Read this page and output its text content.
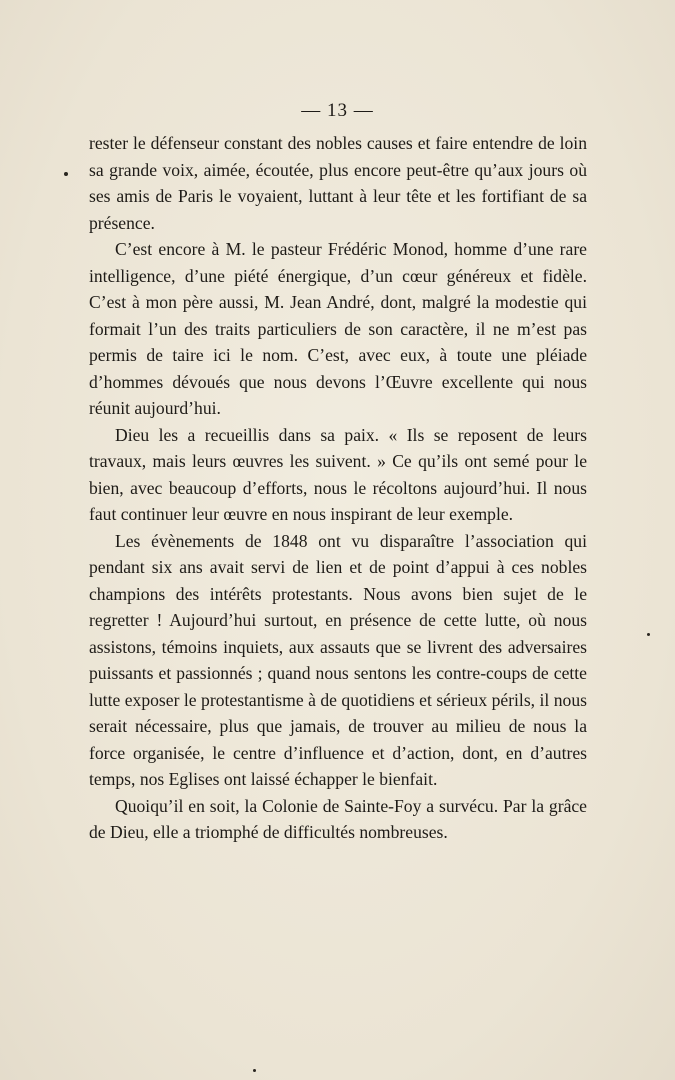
— 13 —

rester le défenseur constant des nobles causes et faire entendre de loin sa grande voix, aimée, écoutée, plus encore peut-être qu’aux jours où ses amis de Paris le voyaient, luttant à leur tête et les fortifiant de sa présence.

C’est encore à M. le pasteur Frédéric Monod, homme d’une rare intelligence, d’une piété énergique, d’un cœur généreux et fidèle. C’est à mon père aussi, M. Jean André, dont, malgré la modestie qui formait l’un des traits particuliers de son caractère, il ne m’est pas permis de taire ici le nom. C’est, avec eux, à toute une pléiade d’hommes dévoués que nous devons l’Œuvre excellente qui nous réunit aujourd’hui.

Dieu les a recueillis dans sa paix. « Ils se reposent de leurs travaux, mais leurs œuvres les suivent. » Ce qu’ils ont semé pour le bien, avec beaucoup d’efforts, nous le récoltons aujourd’hui. Il nous faut continuer leur œuvre en nous inspirant de leur exemple.

Les évènements de 1848 ont vu disparaître l’association qui pendant six ans avait servi de lien et de point d’appui à ces nobles champions des intérêts protestants. Nous avons bien sujet de le regretter ! Aujourd’hui surtout, en présence de cette lutte, où nous assistons, témoins inquiets, aux assauts que se livrent des adversaires puissants et passionnés ; quand nous sentons les contre-coups de cette lutte exposer le protestantisme à de quotidiens et sérieux périls, il nous serait nécessaire, plus que jamais, de trouver au milieu de nous la force organisée, le centre d’influence et d’action, dont, en d’autres temps, nos Eglises ont laissé échapper le bienfait.

Quoiqu’il en soit, la Colonie de Sainte-Foy a survécu. Par la grâce de Dieu, elle a triomphé de difficultés nombreuses.
